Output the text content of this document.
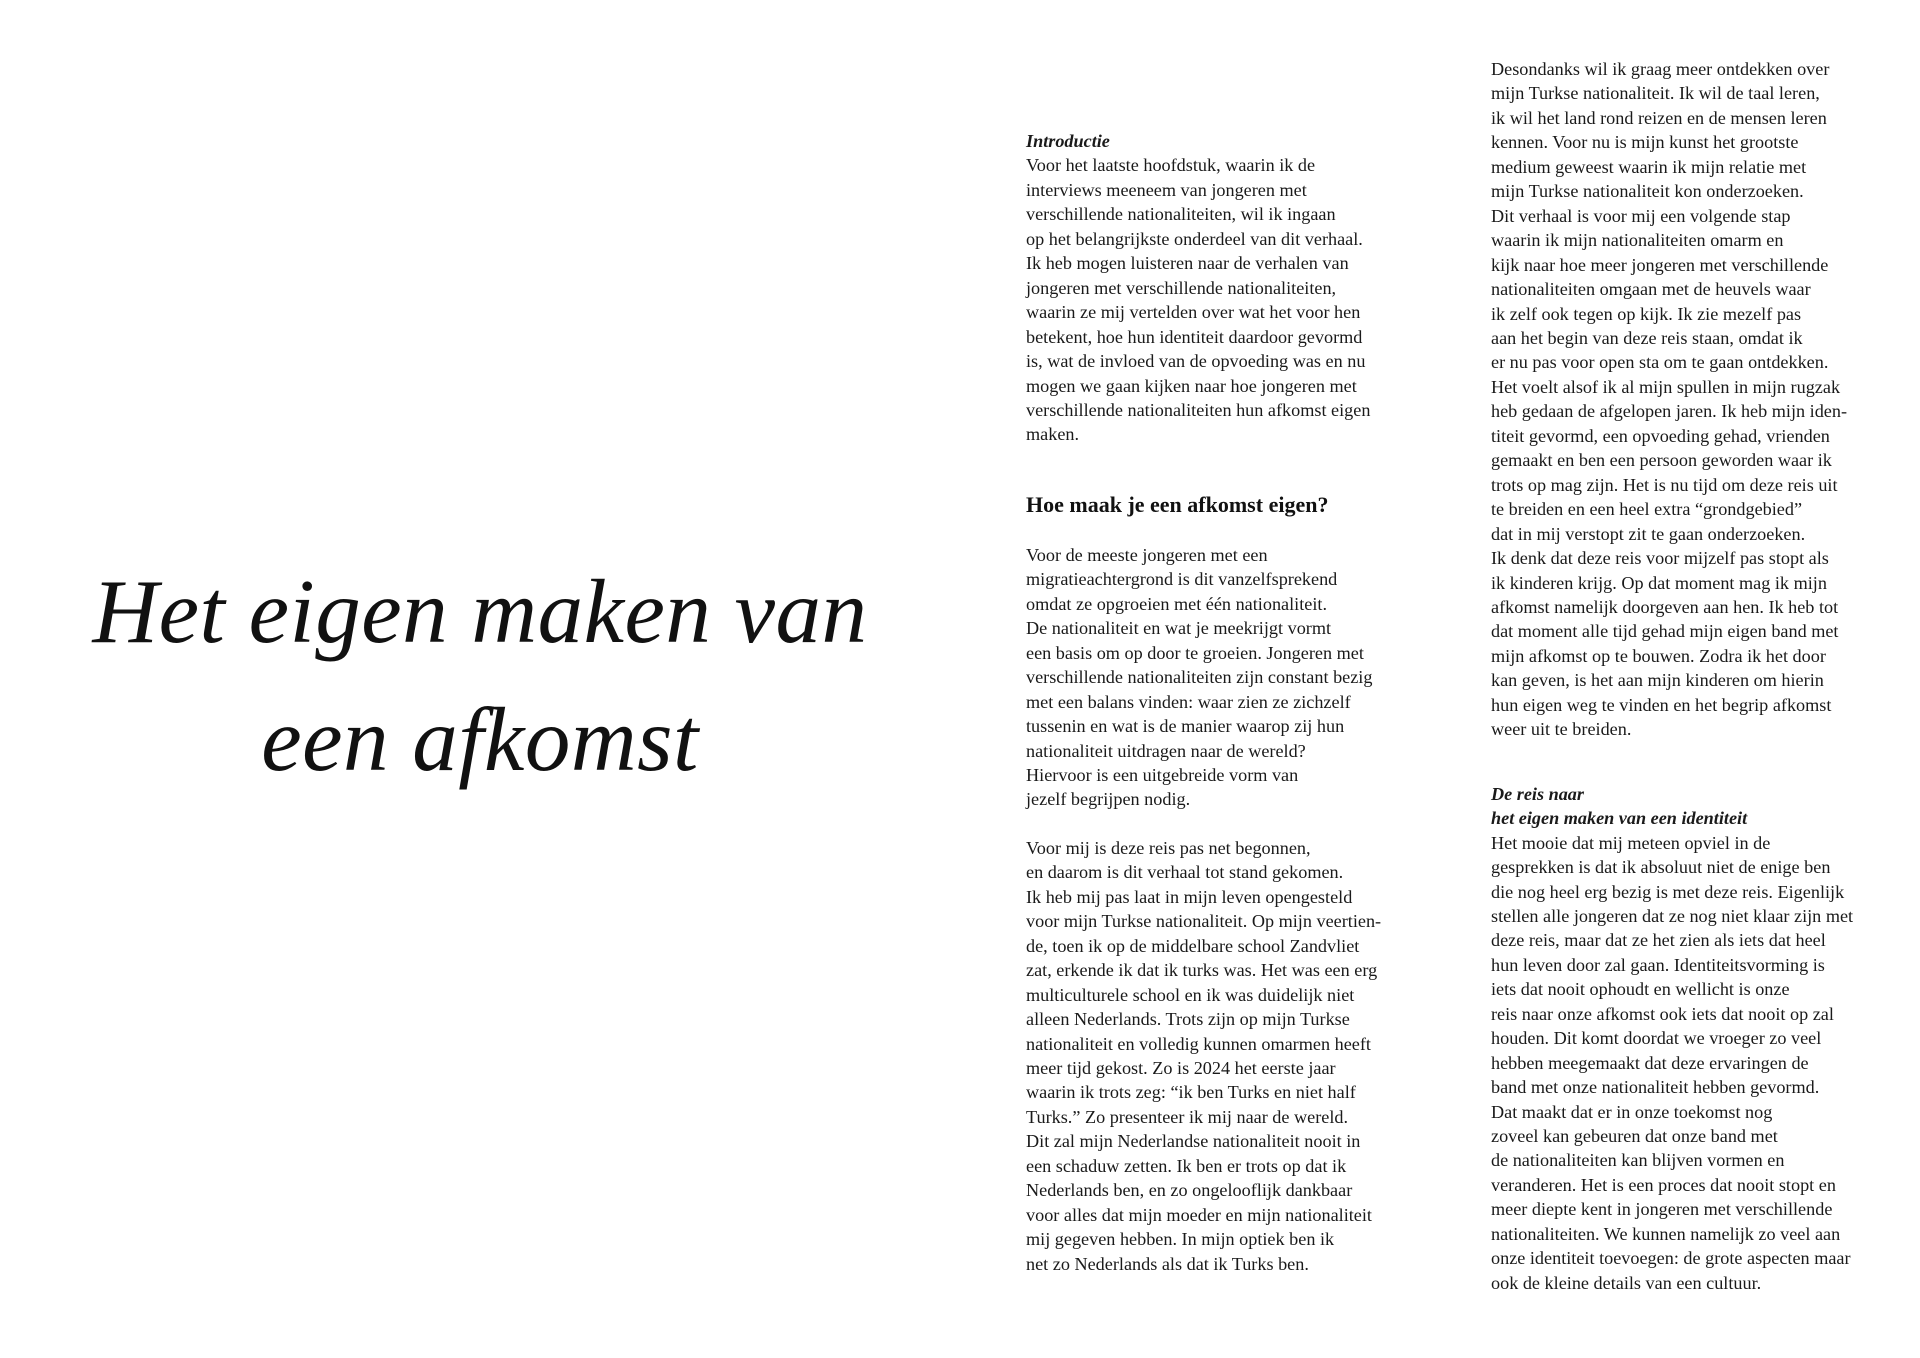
Het eigen maken van
een afkomst
Introductie
Voor het laatste hoofdstuk, waarin ik de
interviews meeneem van jongeren met
verschillende nationaliteiten, wil ik ingaan
op het belangrijkste onderdeel van dit verhaal.
Ik heb mogen luisteren naar de verhalen van
jongeren met verschillende nationaliteiten,
waarin ze mij vertelden over wat het voor hen
betekent, hoe hun identiteit daardoor gevormd
is, wat de invloed van de opvoeding was en nu
mogen we gaan kijken naar hoe jongeren met
verschillende nationaliteiten hun afkomst eigen
maken.
Hoe maak je een afkomst eigen?
Voor de meeste jongeren met een
migratieachtergrond is dit vanzelfsprekend
omdat ze opgroeien met één nationaliteit.
De nationaliteit en wat je meekrijgt vormt
een basis om op door te groeien. Jongeren met
verschillende nationaliteiten zijn constant bezig
met een balans vinden: waar zien ze zichzelf
tussenin en wat is de manier waarop zij hun
nationaliteit uitdragen naar de wereld?
Hiervoor is een uitgebreide vorm van
jezelf begrijpen nodig.
Voor mij is deze reis pas net begonnen,
en daarom is dit verhaal tot stand gekomen.
Ik heb mij pas laat in mijn leven opengesteld
voor mijn Turkse nationaliteit. Op mijn veertien-
de, toen ik op de middelbare school Zandvliet
zat, erkende ik dat ik turks was. Het was een erg
multiculturele school en ik was duidelijk niet
alleen Nederlands. Trots zijn op mijn Turkse
nationaliteit en volledig kunnen omarmen heeft
meer tijd gekost. Zo is 2024 het eerste jaar
waarin ik trots zeg: “ik ben Turks en niet half
Turks.” Zo presenteer ik mij naar de wereld.
Dit zal mijn Nederlandse nationaliteit nooit in
een schaduw zetten. Ik ben er trots op dat ik
Nederlands ben, en zo ongelooflijk dankbaar
voor alles dat mijn moeder en mijn nationaliteit
mij gegeven hebben. In mijn optiek ben ik
net zo Nederlands als dat ik Turks ben.
Desondanks wil ik graag meer ontdekken over
mijn Turkse nationaliteit. Ik wil de taal leren,
ik wil het land rond reizen en de mensen leren
kennen. Voor nu is mijn kunst het grootste
medium geweest waarin ik mijn relatie met
mijn Turkse nationaliteit kon onderzoeken.
Dit verhaal is voor mij een volgende stap
waarin ik mijn nationaliteiten omarm en
kijk naar hoe meer jongeren met verschillende
nationaliteiten omgaan met de heuvels waar
ik zelf ook tegen op kijk. Ik zie mezelf pas
aan het begin van deze reis staan, omdat ik
er nu pas voor open sta om te gaan ontdekken.
Het voelt alsof ik al mijn spullen in mijn rugzak
heb gedaan de afgelopen jaren. Ik heb mijn iden-
titeit gevormd, een opvoeding gehad, vrienden
gemaakt en ben een persoon geworden waar ik
trots op mag zijn. Het is nu tijd om deze reis uit
te breiden en een heel extra “grondgebied”
dat in mij verstopt zit te gaan onderzoeken.
Ik denk dat deze reis voor mijzelf pas stopt als
ik kinderen krijg. Op dat moment mag ik mijn
afkomst namelijk doorgeven aan hen. Ik heb tot
dat moment alle tijd gehad mijn eigen band met
mijn afkomst op te bouwen. Zodra ik het door
kan geven, is het aan mijn kinderen om hierin
hun eigen weg te vinden en het begrip afkomst
weer uit te breiden.
De reis naar
het eigen maken van een identiteit
Het mooie dat mij meteen opviel in de
gesprekken is dat ik absoluut niet de enige ben
die nog heel erg bezig is met deze reis. Eigenlijk
stellen alle jongeren dat ze nog niet klaar zijn met
deze reis, maar dat ze het zien als iets dat heel
hun leven door zal gaan. Identiteitsvorming is
iets dat nooit ophoudt en wellicht is onze
reis naar onze afkomst ook iets dat nooit op zal
houden. Dit komt doordat we vroeger zo veel
hebben meegemaakt dat deze ervaringen de
band met onze nationaliteit hebben gevormd.
Dat maakt dat er in onze toekomst nog
zoveel kan gebeuren dat onze band met
de nationaliteiten kan blijven vormen en
veranderen. Het is een proces dat nooit stopt en
meer diepte kent in jongeren met verschillende
nationaliteiten. We kunnen namelijk zo veel aan
onze identiteit toevoegen: de grote aspecten maar
ook de kleine details van een cultuur.
